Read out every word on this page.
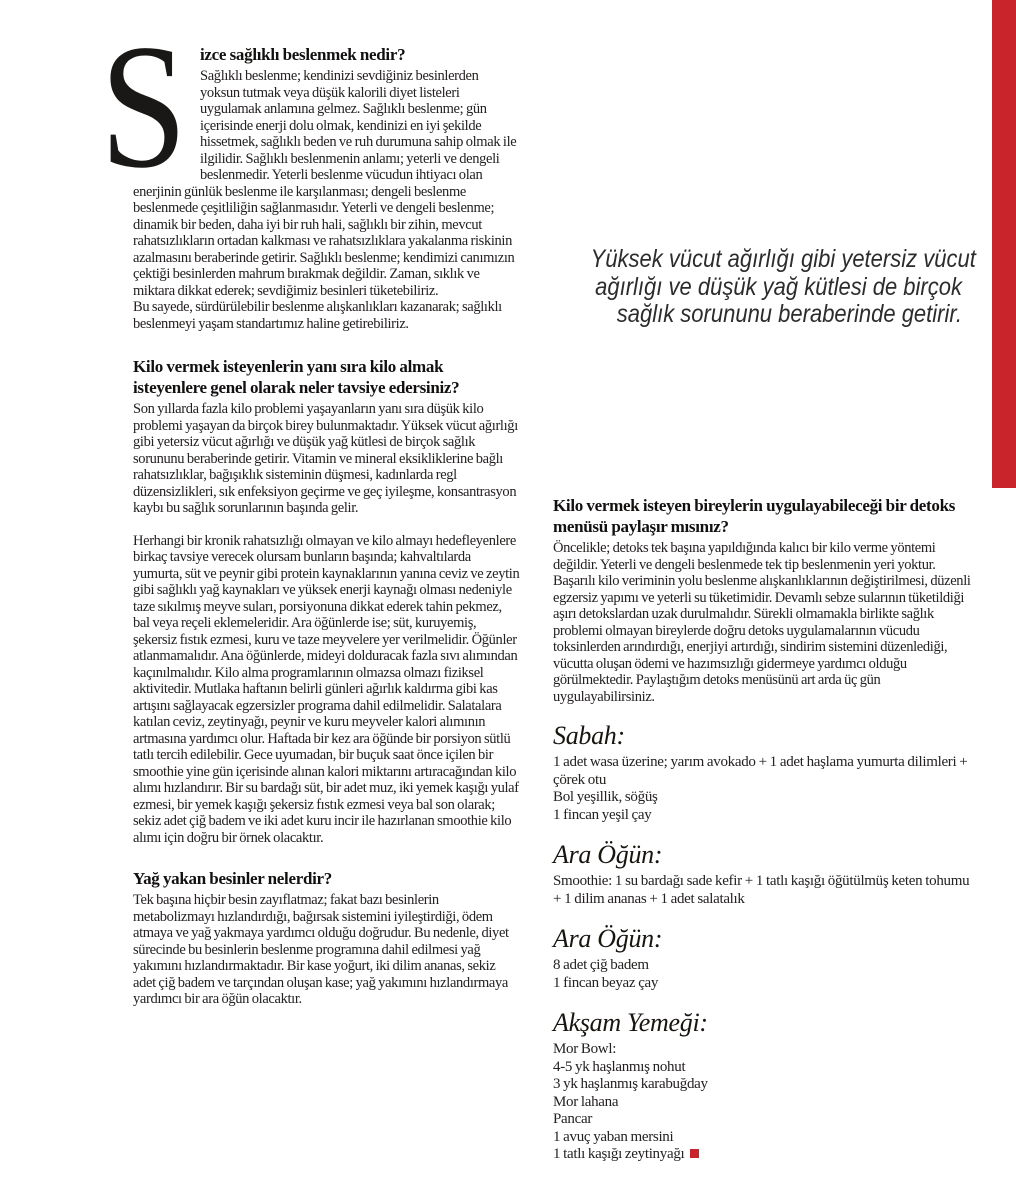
S izce sağlıklı beslenmek nedir?

Sağlıklı beslenme; kendinizi sevdiğiniz besinlerden yoksun tutmak veya düşük kalorili diyet listeleri uygulamak anlamına gelmez. Sağlıklı beslenme; gün içerisinde enerji dolu olmak, kendinizi en iyi şekilde hissetmek, sağlıklı beden ve ruh durumuna sahip olmak ile ilgilidir. Sağlıklı beslenmenin anlamı; yeterli ve dengeli beslenmedir. Yeterli beslenme vücudun ihtiyacı olan enerjinin günlük beslenme ile karşılanması; dengeli beslenme beslenmede çeşitliliğin sağlanmasıdır. Yeterli ve dengeli beslenme; dinamik bir beden, daha iyi bir ruh hali, sağlıklı bir zihin, mevcut rahatsızlıkların ortadan kalkması ve rahatsızlıklara yakalanma riskinin azalmasını beraberinde getirir. Sağlıklı beslenme; kendimizi canımızın çektiği besinlerden mahrum bırakmak değildir. Zaman, sıklık ve miktara dikkat ederek; sevdiğimiz besinleri tüketebiliriz.

Bu sayede, sürdürülebilir beslenme alışkanlıkları kazanarak; sağlıklı beslenmeyi yaşam standartımız haline getirebiliriz.

Kilo vermek isteyenlerin yanı sıra kilo almak isteyenlere genel olarak neler tavsiye edersiniz?

Son yıllarda fazla kilo problemi yaşayanların yanı sıra düşük kilo problemi yaşayan da birçok birey bulunmaktadır. Yüksek vücut ağırlığı gibi yetersiz vücut ağırlığı ve düşük yağ kütlesi de birçok sağlık sorununu beraberinde getirir. Vitamin ve mineral eksikliklerine bağlı rahatsızlıklar, bağışıklık sisteminin düşmesi, kadınlarda regl düzensizlikleri, sık enfeksiyon geçirme ve geç iyileşme, konsantrasyon kaybı bu sağlık sorunlarının başında gelir.

Herhangi bir kronik rahatsızlığı olmayan ve kilo almayı hedefleyenlere birkaç tavsiye verecek olursam bunların başında; kahvaltılarda yumurta, süt ve peynir gibi protein kaynaklarının yanına ceviz ve zeytin gibi sağlıklı yağ kaynakları ve yüksek enerji kaynağı olması nedeniyle taze sıkılmış meyve suları, porsiyonuna dikkat ederek tahin pekmez, bal veya reçeli eklemeleridir. Ara öğünlerde ise; süt, kuruyemiş, şekersiz fıstık ezmesi, kuru ve taze meyvelere yer verilmelidir. Öğünler atlanmamalıdır. Ana öğünlerde, mideyi dolduracak fazla sıvı alımından kaçınılmalıdır. Kilo alma programlarının olmazsa olmazı fiziksel aktivitedir. Mutlaka haftanın belirli günleri ağırlık kaldırma gibi kas artışını sağlayacak egzersizler programa dahil edilmelidir. Salatalara katılan ceviz, zeytinyağı, peynir ve kuru meyveler kalori alımının artmasına yardımcı olur. Haftada bir kez ara öğünde bir porsiyon sütlü tatlı tercih edilebilir. Gece uyumadan, bir buçuk saat önce içilen bir smoothie yine gün içerisinde alınan kalori miktarını artıracağından kilo alımı hızlandırır. Bir su bardağı süt, bir adet muz, iki yemek kaşığı yulaf ezmesi, bir yemek kaşığı şekersiz fıstık ezmesi veya bal son olarak; sekiz adet çiğ badem ve iki adet kuru incir ile hazırlanan smoothie kilo alımı için doğru bir örnek olacaktır.

Yağ yakan besinler nelerdir?

Tek başına hiçbir besin zayıflatmaz; fakat bazı besinlerin metabolizmayı hızlandırdığı, bağırsak sistemini iyileştirdiği, ödem atmaya ve yağ yakmaya yardımcı olduğu doğrudur. Bu nedenle, diyet sürecinde bu besinlerin beslenme programına dahil edilmesi yağ yakımını hızlandırmaktadır. Bir kase yoğurt, iki dilim ananas, sekiz adet çiğ badem ve tarçından oluşan kase; yağ yakımını hızlandırmaya yardımcı bir ara öğün olacaktır.

Yüksek vücut ağırlığı gibi yetersiz vücut
ağırlığı ve düşük yağ kütlesi de birçok
sağlık sorununu beraberinde getirir.
Kilo vermek isteyen bireylerin uygulayabileceği bir detoks menüsü paylaşır mısınız?

Öncelikle; detoks tek başına yapıldığında kalıcı bir kilo verme yöntemi değildir. Yeterli ve dengeli beslenmede tek tip beslenmenin yeri yoktur. Başarılı kilo veriminin yolu beslenme alışkanlıklarının değiştirilmesi, düzenli egzersiz yapımı ve yeterli su tüketimidir. Devamlı sebze sularının tüketildiği aşırı detokslardan uzak durulmalıdır. Sürekli olmamakla birlikte sağlık problemi olmayan bireylerde doğru detoks uygulamalarının vücudu toksinlerden arındırdığı, enerjiyi artırdığı, sindirim sistemini düzenlediği, vücutta oluşan ödemi ve hazımsızlığı gidermeye yardımcı olduğu görülmektedir. Paylaştığım detoks menüsünü art arda üç gün uygulayabilirsiniz.

Sabah:
1 adet wasa üzerine; yarım avokado + 1 adet haşlama yumurta dilimleri + çörek otu
Bol yeşillik, söğüş
1 fincan yeşil çay
Ara Öğün:
Smoothie: 1 su bardağı sade kefir + 1 tatlı kaşığı öğütülmüş keten tohumu + 1 dilim ananas + 1 adet salatalık
Ara Öğün:
8 adet çiğ badem
1 fincan beyaz çay
Akşam Yemeği:
Mor Bowl:
4-5 yk haşlanmış nohut
3 yk haşlanmış karabuğday
Mor lahana
Pancar
1 avuç yaban mersini
1 tatlı kaşığı zeytinyağı
